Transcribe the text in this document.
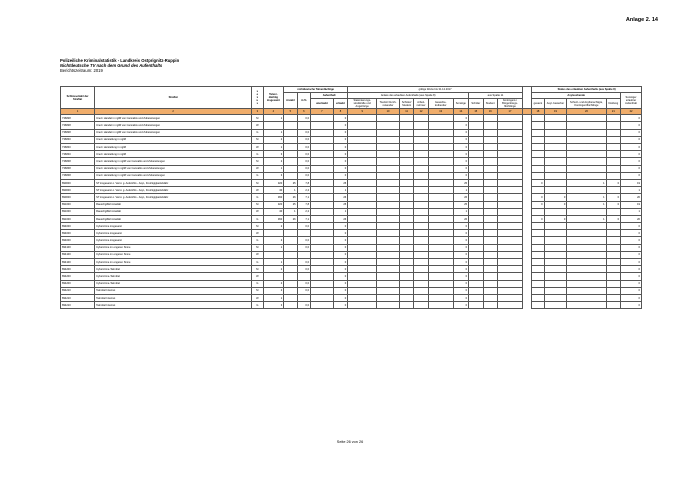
Anlage 2. 14
Polizeiliche Kriminalstatistik - Landkreis Ostprignitz-Ruppin
Nichtdeutsche TV nach dem Grund des Aufenthalts
Berichtszeitraum: 2019
Schlüsselzahl der Straftat	Straftat	s e x u s	Tatver- dächtig insgesamt	nichtdeutsche Tatverdächtige				gültige Werte bis 31.12.2017										Status des erlaubten Aufenthalts (aus Spalte 8)				
				Anzahl	in %	Aufenthalt		Anlass des erlaubten Aufenthalts (aus Spalte 8)						aus Spalte 11				Asylsuchende				Sonstiger erlaubter Aufenthalt
						unerlaubt	erlaubt	Stationierungs- streitkräfte und Angehörige	Tourist/ Durch- reisender	Schüler/ Student	Arbeit- nehmer	Gewerbe- treibender	Sonstige	Schüler	Student	Kontingent-/ Bürgerkriegs- flüchtlinge		gesamt	Asyl- bewerber	Schutz- und Asylberechtigte, Kontingentflüchtlinge	Duldung	

1	2	3	4	5	6	7	8	9	10	11	12	13	14	15	16	17		18	19	20	21	22
736828	Unerl. Handel in nglM von Cannabis und Zubereitungen	M	1		0,0		0						0									0
736828	Unerl. Handel in nglM von Cannabis und Zubereitungen	W					0						0									0
736828	Unerl. Handel in nglM von Cannabis und Zubereitungen	G	1		0,0		0						0									0
736840	Unerl. Herstellung in nglM	M	2		0,0		0						0									0
736840	Unerl. Herstellung in nglM	W	1		0,0		0						0									0
736840	Unerl. Herstellung in nglM	G	3		0,0		0						0									0
736848	Unerl. Herstellung in nglM von Cannabis und Zubereitungen	M	2		0,0		0						0									0
736848	Unerl. Herstellung in nglM von Cannabis und Zubereitungen	W	1		0,0		0						0									0
736848	Unerl. Herstellung in nglM von Cannabis und Zubereitungen	G	3		0,0		0						0									0
890000	ST insgesamt o. Verst. g. AufenthG - Asyl-, FreizügigkeitsG/EU	M	320	25	7,8		25						25					0		1	0	19
890000	ST insgesamt o. Verst. g. AufenthG - Asyl-, FreizügigkeitsG/EU	W	40	1	2,2		1						1									1
890000	ST insgesamt o. Verst. g. AufenthG - Asyl-, FreizügigkeitsG/EU	G	360	26	7,1		26						26					0	0	1	0	20
891000	Rauschgiftkriminalität	M	320	25	7,8		25						25					0	0	1	0	19
891000	Rauschgiftkriminalität	W	40	1	2,2		1						1									1
891000	Rauschgiftkriminalität	G	360	26	7,1		26						26					0	0	1	0	20
894000	Cybercrime insgesamt	M	2		0,0		0						0									0
894000	Cybercrime insgesamt	W					0						0									0
894000	Cybercrime insgesamt	G	2		0,0		0						0									0
894100	Cybercrime im engeren Sinne	M	1		0,0		0						0									0
894100	Cybercrime im engeren Sinne	W					0						0									0
894100	Cybercrime im engeren Sinne	G	1		0,0		0						0									0
894200	Cybercrime-Tatmittel	M	2		0,0		0						0									0
894200	Cybercrime-Tatmittel	W					0						0									0
894200	Cybercrime-Tatmittel	G	2		0,0		0						0									0
894210	Tatmittel Internet	M	2		0,0		0						0									0
894210	Tatmittel Internet	W	1				0						0									0
894210	Tatmittel Internet	G	3		0,0		0						0									0
Seite 26 von 26
